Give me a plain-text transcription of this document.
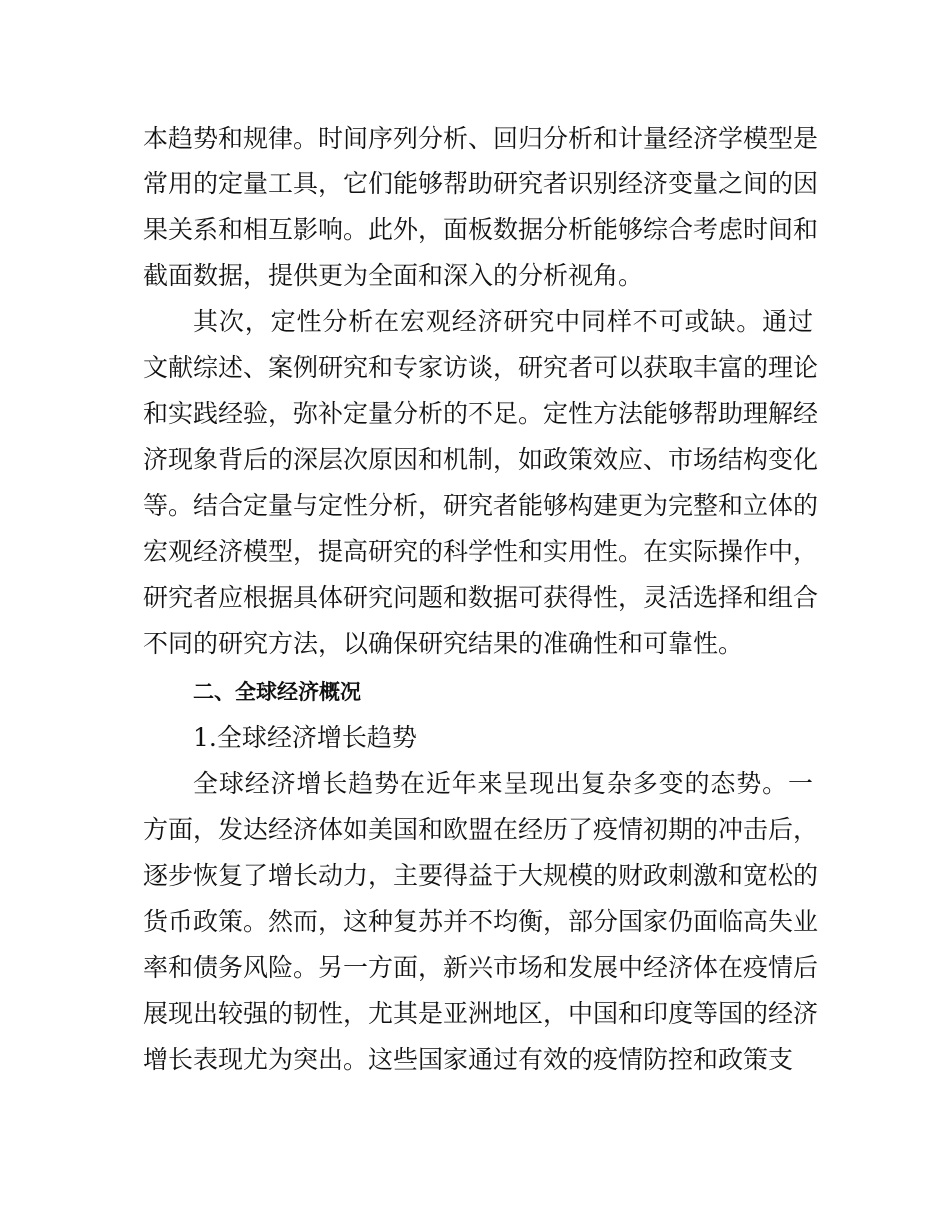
本趋势和规律。时间序列分析、回归分析和计量经济学模型是
常用的定量工具，它们能够帮助研究者识别经济变量之间的因
果关系和相互影响。此外，面板数据分析能够综合考虑时间和
截面数据，提供更为全面和深入的分析视角。
其次，定性分析在宏观经济研究中同样不可或缺。通过
文献综述、案例研究和专家访谈，研究者可以获取丰富的理论
和实践经验，弥补定量分析的不足。定性方法能够帮助理解经
济现象背后的深层次原因和机制，如政策效应、市场结构变化
等。结合定量与定性分析，研究者能够构建更为完整和立体的
宏观经济模型，提高研究的科学性和实用性。在实际操作中，
研究者应根据具体研究问题和数据可获得性，灵活选择和组合
不同的研究方法，以确保研究结果的准确性和可靠性。
二、全球经济概况
1.全球经济增长趋势
全球经济增长趋势在近年来呈现出复杂多变的态势。一
方面，发达经济体如美国和欧盟在经历了疫情初期的冲击后，
逐步恢复了增长动力，主要得益于大规模的财政刺激和宽松的
货币政策。然而，这种复苏并不均衡，部分国家仍面临高失业
率和债务风险。另一方面，新兴市场和发展中经济体在疫情后
展现出较强的韧性，尤其是亚洲地区，中国和印度等国的经济
增长表现尤为突出。这些国家通过有效的疫情防控和政策支
